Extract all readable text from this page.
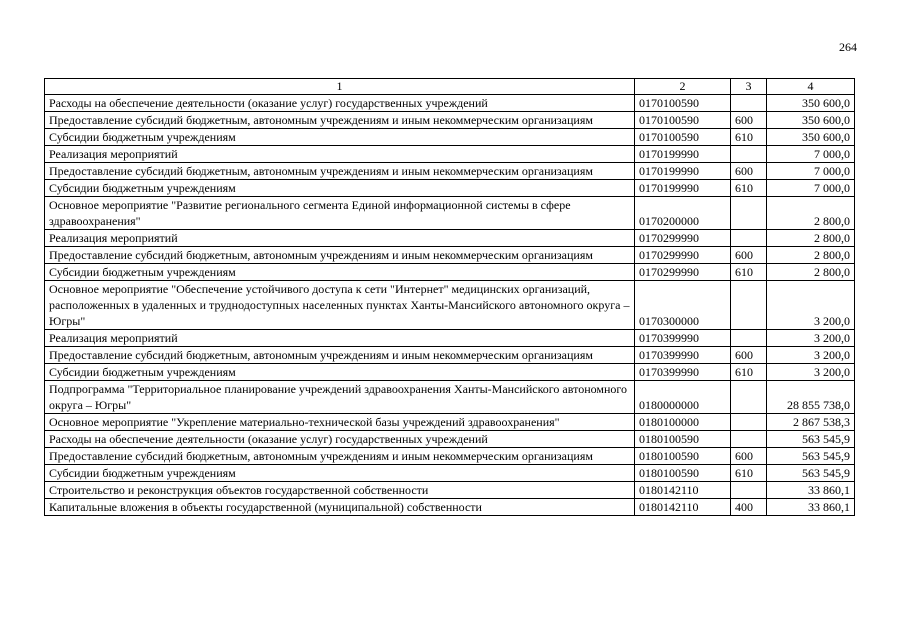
264
1	2	3	4
Расходы на обеспечение деятельности (оказание услуг) государственных учреждений	0170100590		350 600,0
Предоставление субсидий бюджетным, автономным учреждениям и иным некоммерческим организациям	0170100590	600	350 600,0
Субсидии бюджетным учреждениям	0170100590	610	350 600,0
Реализация мероприятий	0170199990		7 000,0
Предоставление субсидий бюджетным, автономным учреждениям и иным некоммерческим организациям	0170199990	600	7 000,0
Субсидии бюджетным учреждениям	0170199990	610	7 000,0
Основное мероприятие "Развитие регионального сегмента Единой информационной системы в сфере здравоохранения"	0170200000		2 800,0
Реализация мероприятий	0170299990		2 800,0
Предоставление субсидий бюджетным, автономным учреждениям и иным некоммерческим организациям	0170299990	600	2 800,0
Субсидии бюджетным учреждениям	0170299990	610	2 800,0
Основное мероприятие "Обеспечение устойчивого доступа к сети "Интернет" медицинских организаций, расположенных в удаленных и труднодоступных населенных пунктах Ханты-Мансийского автономного округа – Югры"	0170300000		3 200,0
Реализация мероприятий	0170399990		3 200,0
Предоставление субсидий бюджетным, автономным учреждениям и иным некоммерческим организациям	0170399990	600	3 200,0
Субсидии бюджетным учреждениям	0170399990	610	3 200,0
Подпрограмма "Территориальное планирование учреждений здравоохранения Ханты-Мансийского автономного округа – Югры"	0180000000		28 855 738,0
Основное мероприятие "Укрепление материально-технической базы учреждений здравоохранения"	0180100000		2 867 538,3
Расходы на обеспечение деятельности (оказание услуг) государственных учреждений	0180100590		563 545,9
Предоставление субсидий бюджетным, автономным учреждениям и иным некоммерческим организациям	0180100590	600	563 545,9
Субсидии бюджетным учреждениям	0180100590	610	563 545,9
Строительство и реконструкция объектов государственной собственности	0180142110		33 860,1
Капитальные вложения в объекты государственной (муниципальной) собственности	0180142110	400	33 860,1
